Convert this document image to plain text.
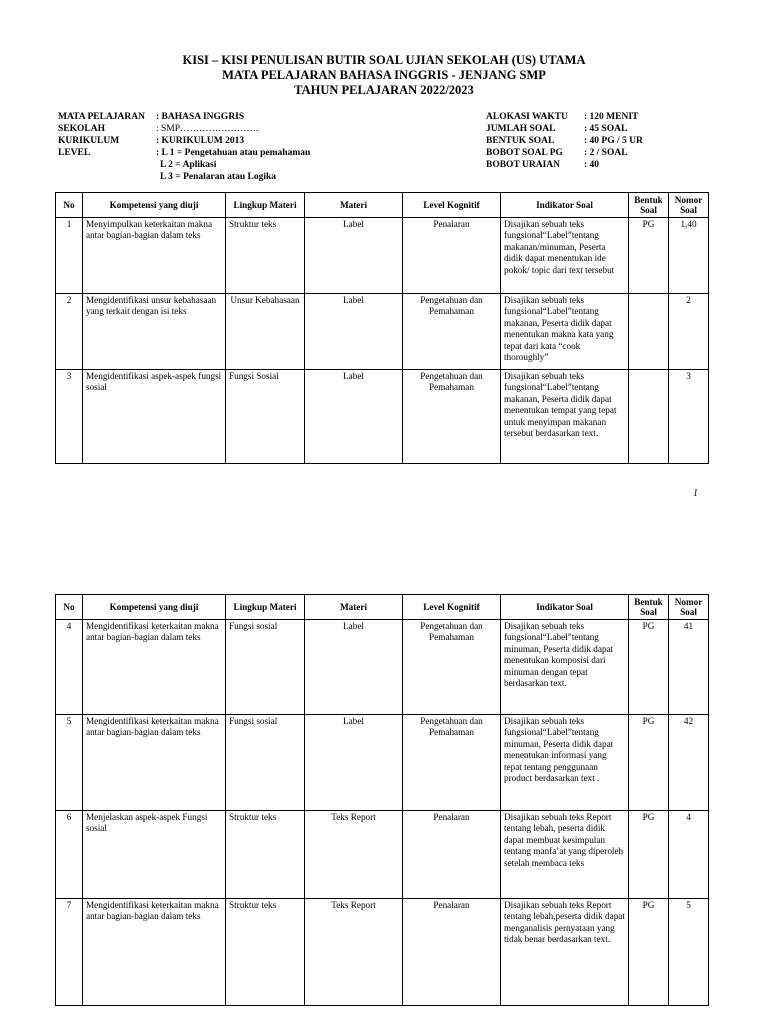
KISI – KISI PENULISAN BUTIR SOAL UJIAN SEKOLAH (US) UTAMA
MATA PELAJARAN BAHASA INGGRIS - JENJANG SMP
TAHUN PELAJARAN 2022/2023
MATA PELAJARAN	: BAHASA INGGRIS
SEKOLAH	: SMP…………………….
KURIKULUM	: KURIKULUM 2013
LEVEL	: L 1 = Pengetahuan atau pemahaman
L 2 = Aplikasi
L 3 = Penalaran atau Logika
ALOKASI WAKTU	: 120 MENIT
JUMLAH SOAL	: 45 SOAL
BENTUK SOAL	: 40 PG / 5 UR
BOBOT SOAL PG	: 2 / SOAL
BOBOT URAIAN	: 40
No	Kompetensi yang diuji	Lingkup Materi	Materi	Level Kognitif	Indikator Soal	Bentuk Soal	Nomor Soal
1	Menyimpulkan keterkaitan makna antar bagian-bagian dalam teks	Struktur teks	Label	Penalaran	Disajikan sebuah teks fungsional“Label”tentang makanan/minuman, Peserta didik dapat menentukan ide pokok/ topic dari text tersebut	PG	1,40
2	Mengidentifikasi unsur kebahasaan yang terkait dengan isi teks	Unsur Kebahasaan	Label	Pengetahuan dan Pemahaman	Disajikan sebuah teks fungsional“Label”tentang makanan, Peserta didik dapat menentukan makna kata yang tepat dari kata “cook thoroughly”		2
3	Mengidentifikasi aspek-aspek fungsi sosial	Fungsi Sosial	Label	Pengetahuan dan Pemahaman	Disajikan sebuah teks fungsional“Label”tentang makanan, Peserta didik dapat menentukan tempat yang tepat untuk menyimpan makanan tersebut berdasarkan text.		3
1
No	Kompetensi yang diuji	Lingkup Materi	Materi	Level Kognitif	Indikator Soal	Bentuk Soal	Nomor Soal
4	Mengidentifikasi keterkaitan makna antar bagian-bagian dalam teks	Fungsi sosial	Label	Pengetahuan dan Pemahaman	Disajikan sebuah teks fungsional“Label”tentang minuman, Peserta didik dapat menentukan komposisi dari minuman dengan tepat berdasarkan text.	PG	41
5	Mengidentifikasi keterkaitan makna antar bagian-bagian dalam teks	Fungsi sosial	Label	Pengetahuan dan Pemahaman	Disajikan sebuah teks fungsional“Label”tentang minuman, Peserta didik dapat menentukan informasi yang tepat tentang penggunaan product berdasarkan text .	PG	42
6	Menjelaskan aspek-aspek Fungsi sosial	Struktur teks	Teks Report	Penalaran	Disajikan sebuah teks Report tentang lebah, peserta didik dapat membuat kesimpulan tentang manfa’at yang diperoleh setelah membaca teks	PG	4
7	Mengidentifikasi keterkaitan makna antar bagian-bagian dalam teks	Struktur teks	Teks Report	Penalaran	Disajikan sebuah teks Report tentang lebah,peserta didik dapat menganalisis pernyataan yang tidak benar berdasarkan text.	PG	5
